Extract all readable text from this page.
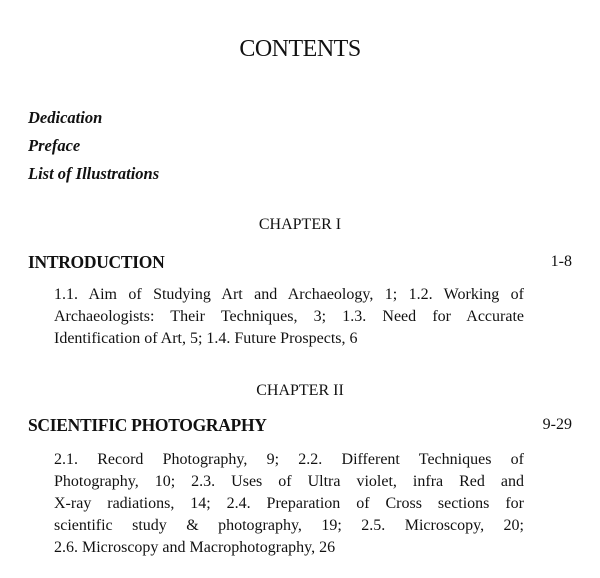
CONTENTS
Dedication
Preface
List of Illustrations
CHAPTER I
INTRODUCTION	1-8

1.1. Aim of Studying Art and Archaeology, 1; 1.2. Working of
Archaeologists: Their Techniques, 3; 1.3. Need for Accurate
Identification of Art, 5; 1.4. Future Prospects, 6

CHAPTER II
SCIENTIFIC PHOTOGRAPHY	9-29

2.1. Record Photography, 9; 2.2. Different Techniques of
Photography, 10; 2.3. Uses of Ultra violet, infra Red and
X-ray radiations, 14; 2.4. Preparation of Cross sections for
scientific study & photography, 19; 2.5. Microscopy, 20;
2.6. Microscopy and Macrophotography, 26
